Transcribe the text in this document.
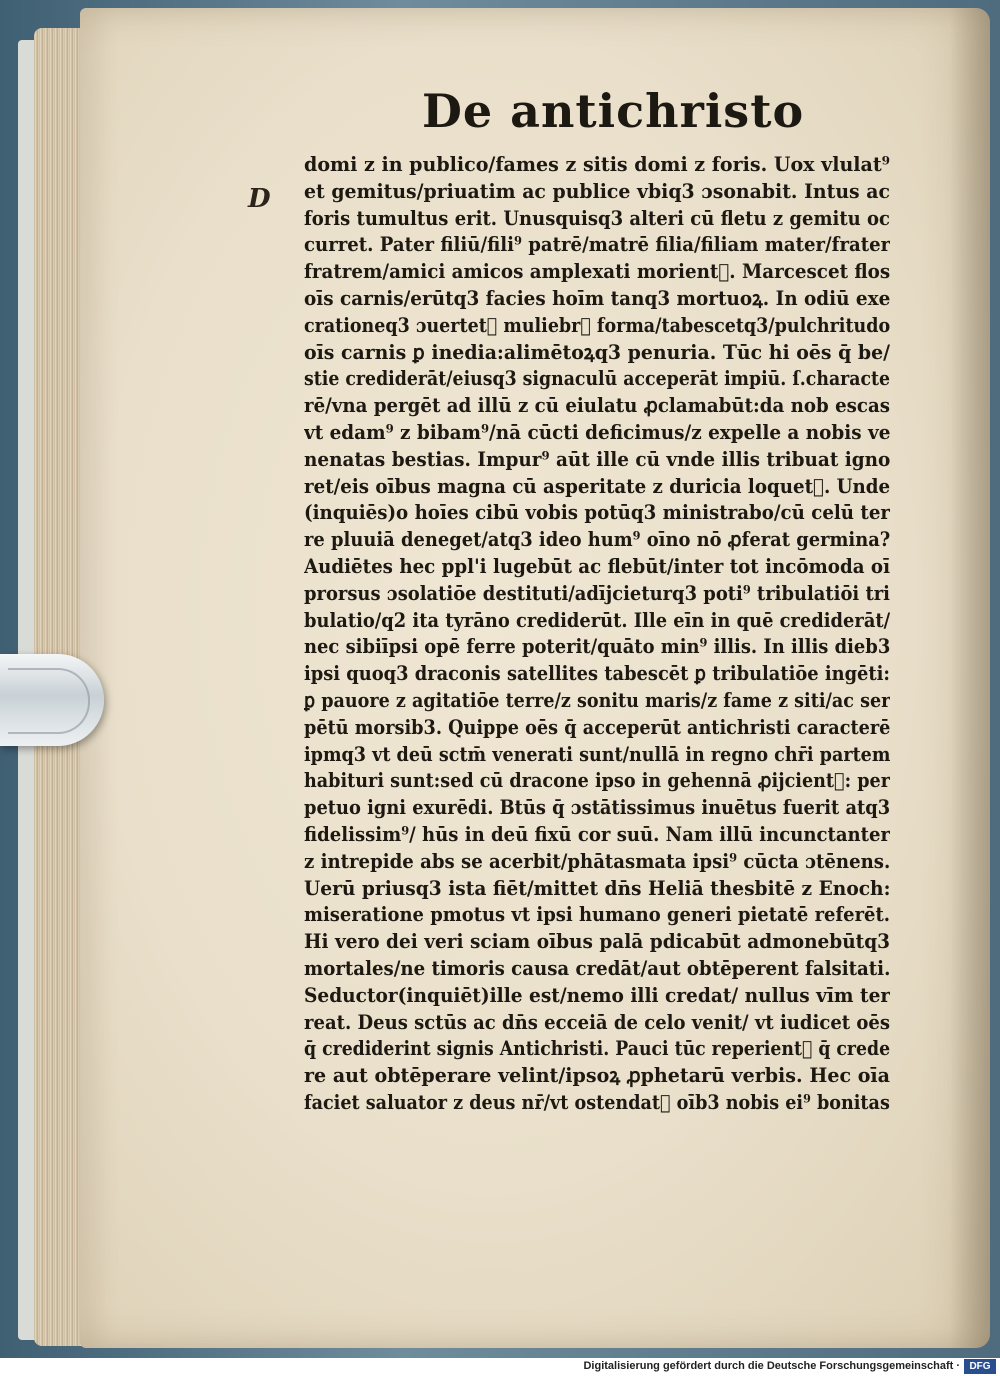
De antichristo
D
domi z in publico/fames z sitis domi z foris. Uox vlulat⁹
et gemitus/priuatim ac publice vbiq3 ɔsonabit. Intus ac
foris tumultus erit. Unusquisq3 alteri cū fletu z gemitu oc
curret. Pater filiū/fili⁹ patrē/matrē filia/filiam mater/frater
fratrem/amici amicos amplexati morient᷑. Marcescet flos
oīs carnis/erūtq3 facies hoīm tanq3 mortuoꝝ. In odiū exe
crationeq3 ɔuertet᷑ muliebr᷑ forma/tabescetq3/pulchritudo
oīs carnis ꝑ inedia:alimētoꝝq3 penuria. Tūc hi oēs q̄ be/
stie crediderāt/eiusq3 signaculū acceperāt impiū. ſ.characte
rē/vna pergēt ad illū z cū eiulatu ꝓclamabūt:da nob escas
vt edam⁹ z bibam⁹/nā cūcti deficimus/z expelle a nobis ve
nenatas bestias. Impur⁹ aūt ille cū vnde illis tribuat igno
ret/eis oībus magna cū asperitate z duricia loquet᷑. Unde
(inquiēs)o hoīes cibū vobis potūq3 ministrabo/cū celū ter
re pluuiā deneget/atq3 ideo hum⁹ oīno nō ꝓferat germina?
Audiētes hec ppl'i lugebūt ac flebūt/inter tot incōmoda oī
prorsus ɔsolatiōe destituti/adījcieturq3 poti⁹ tribulatiōi tri
bulatio/q2 ita tyrāno crediderūt. Ille eīn in quē crediderāt/
nec sibiīpsi opē ferre poterit/quāto min⁹ illis. In illis dieb3
ipsi quoq3 draconis satellites tabescēt ꝑ tribulatiōe ingēti:
ꝑ pauore z agitatiōe terre/z sonitu maris/z fame z siti/ac ser
pētū morsib3. Quippe oēs q̄ acceperūt antichristi caracterē
ipmq3 vt deū sctm̄ venerati sunt/nullā in regno chr̄i partem
habituri sunt:sed cū dracone ipso in gehennā ꝓijcient᷑: per
petuo igni exurēdi. Btūs q̄ ɔstātissimus inuētus fuerit atq3
fidelissim⁹/ hūs in deū fixū cor suū. Nam illū incunctanter
z intrepide abs se acerbit/phātasmata ipsi⁹ cūcta ɔtēnens.
Uerū priusq3 ista fiēt/mittet dn̄s Heliā thesbitē z Enoch:
miseratione pmotus vt ipsi humano generi pietatē referēt.
Hi vero dei veri sciam oībus palā pdicabūt admonebūtq3
mortales/ne timoris causa credāt/aut obtēperent falsitati.
Seductor(inquiēt)ille est/nemo illi credat/ nullus vīm ter
reat. Deus sctūs ac dn̄s ecceiā de celo venit/ vt iudicet oēs
q̄ crediderint signis Antichristi. Pauci tūc reperient᷑ q̄ crede
re aut obtēperare velint/ipsoꝝ ꝓphetarū verbis. Hec oīa
faciet saluator z deus nr̄/vt ostendat᷑ oīb3 nobis ei⁹ bonitas
Digitalisierung gefördert durch die Deutsche Forschungsgemeinschaft · DFG
